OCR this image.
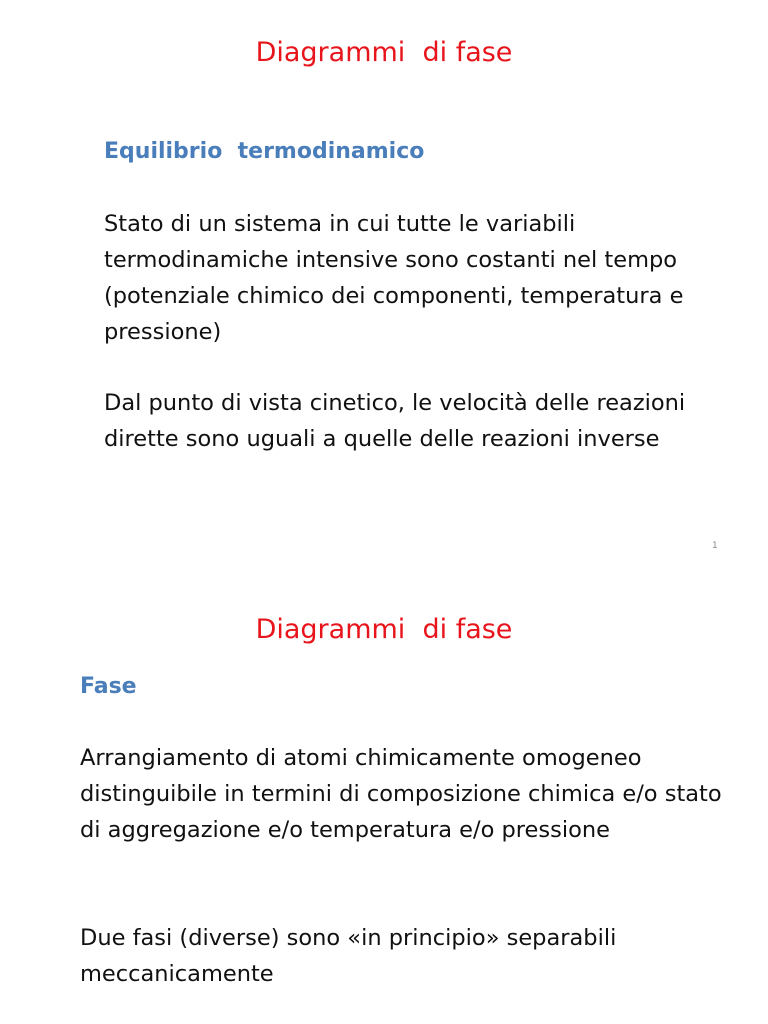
Diagrammi  di fase
Equilibrio  termodinamico

Stato di un sistema in cui tutte le variabili termodinamiche intensive sono costanti nel tempo (potenziale chimico dei componenti, temperatura e pressione)

Dal punto di vista cinetico, le velocità delle reazioni dirette sono uguali a quelle delle reazioni inverse

1
Diagrammi  di fase
Fase

Arrangiamento di atomi chimicamente omogeneo distinguibile in termini di composizione chimica e/o stato di aggregazione e/o temperatura e/o pressione

Due fasi (diverse) sono «in principio» separabili meccanicamente
